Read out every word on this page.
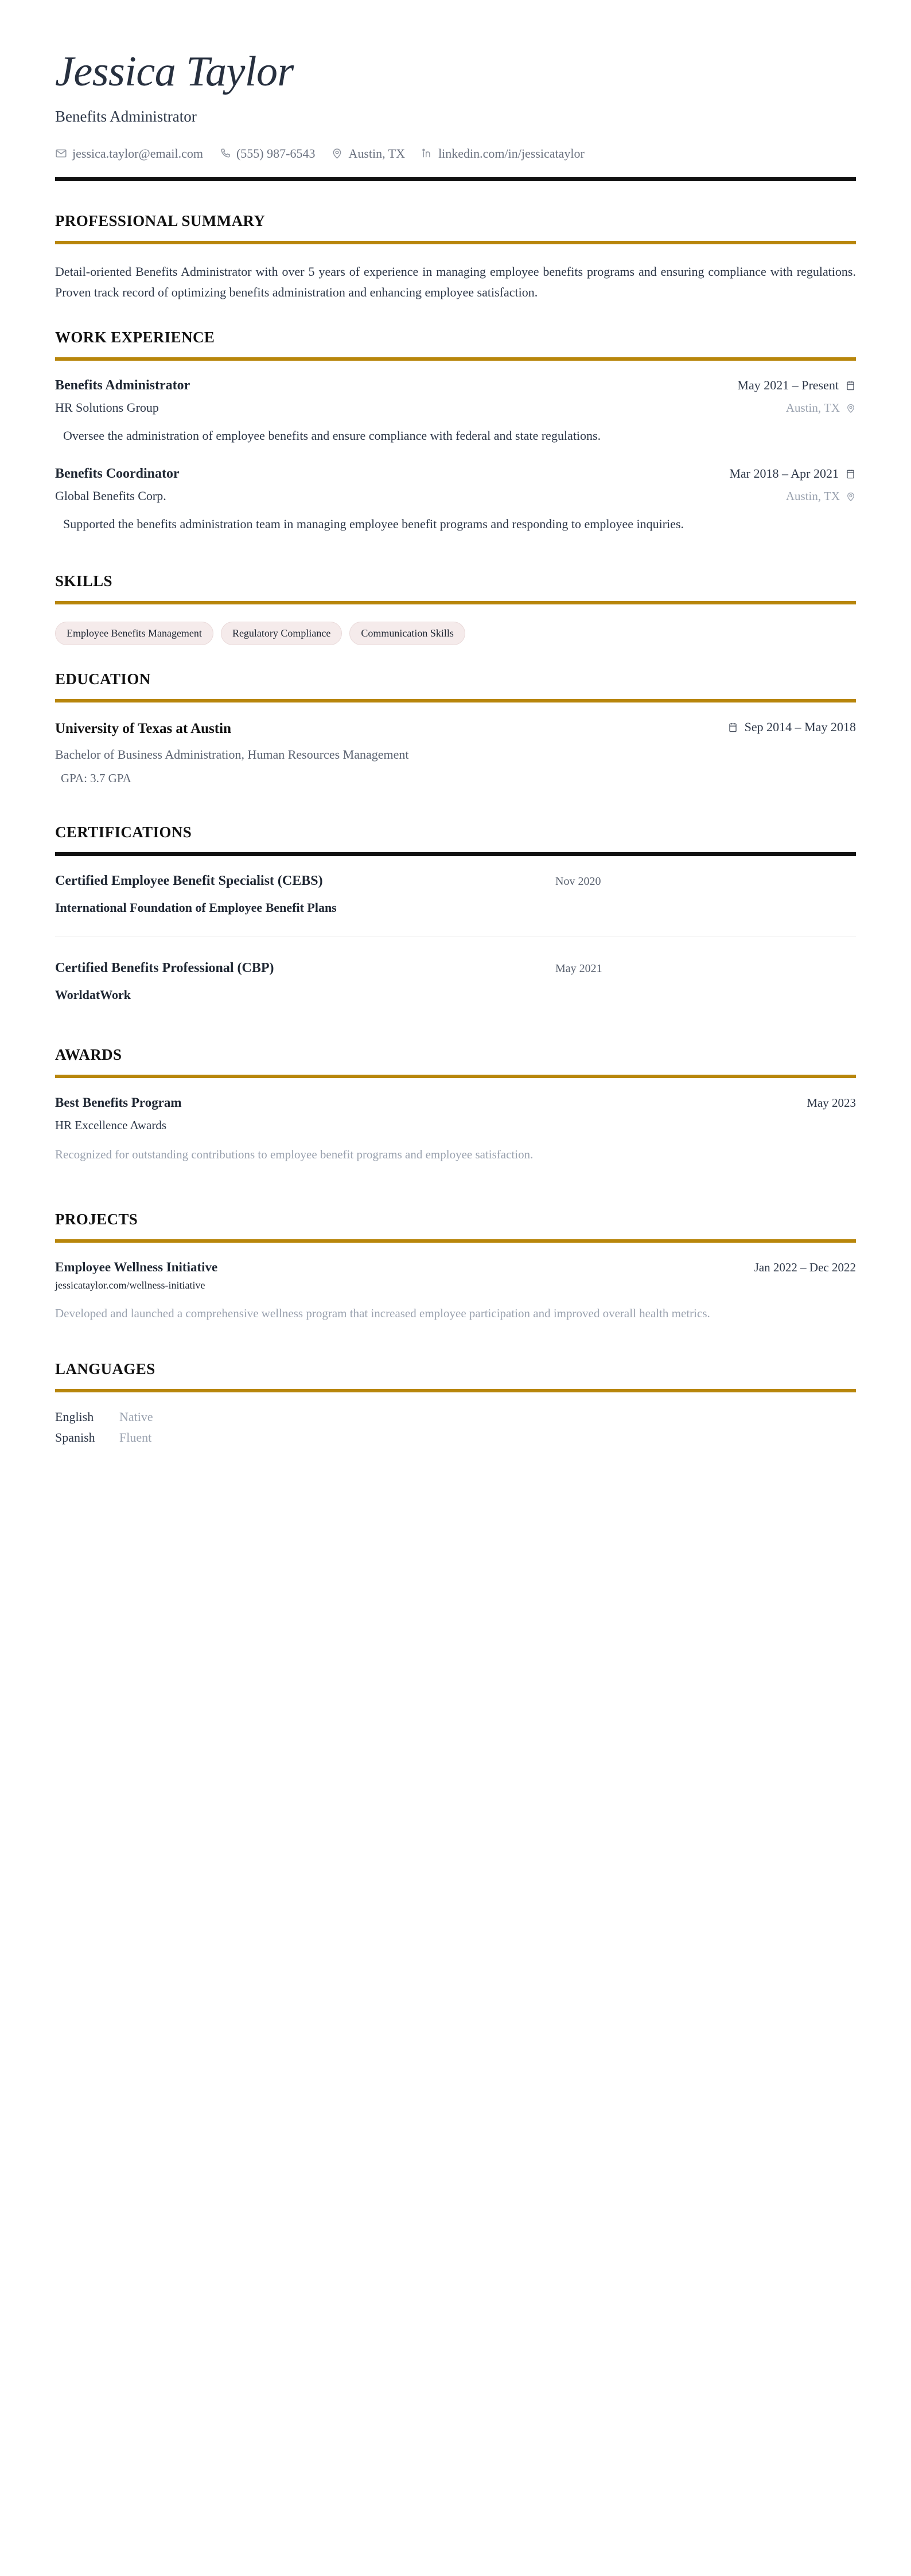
Jessica Taylor
Benefits Administrator
jessica.taylor@email.com	(555) 987-6543	Austin, TX	linkedin.com/in/jessicataylor
PROFESSIONAL SUMMARY
Detail-oriented Benefits Administrator with over 5 years of experience in managing employee benefits programs and ensuring compliance with regulations. Proven track record of optimizing benefits administration and enhancing employee satisfaction.
WORK EXPERIENCE
Benefits Administrator	May 2021 – Present
HR Solutions Group	Austin, TX
Oversee the administration of employee benefits and ensure compliance with federal and state regulations.
Benefits Coordinator	Mar 2018 – Apr 2021
Global Benefits Corp.	Austin, TX
Supported the benefits administration team in managing employee benefit programs and responding to employee inquiries.
SKILLS
Employee Benefits Management	Regulatory Compliance	Communication Skills
EDUCATION
University of Texas at Austin	Sep 2014 – May 2018
Bachelor of Business Administration, Human Resources Management
GPA: 3.7 GPA
CERTIFICATIONS
Certified Employee Benefit Specialist (CEBS)	Nov 2020
International Foundation of Employee Benefit Plans
Certified Benefits Professional (CBP)	May 2021
WorldatWork
AWARDS
Best Benefits Program	May 2023
HR Excellence Awards
Recognized for outstanding contributions to employee benefit programs and employee satisfaction.
PROJECTS
Employee Wellness Initiative	Jan 2022 – Dec 2022
jessicataylor.com/wellness-initiative
Developed and launched a comprehensive wellness program that increased employee participation and improved overall health metrics.
LANGUAGES
English	Native
Spanish	Fluent
